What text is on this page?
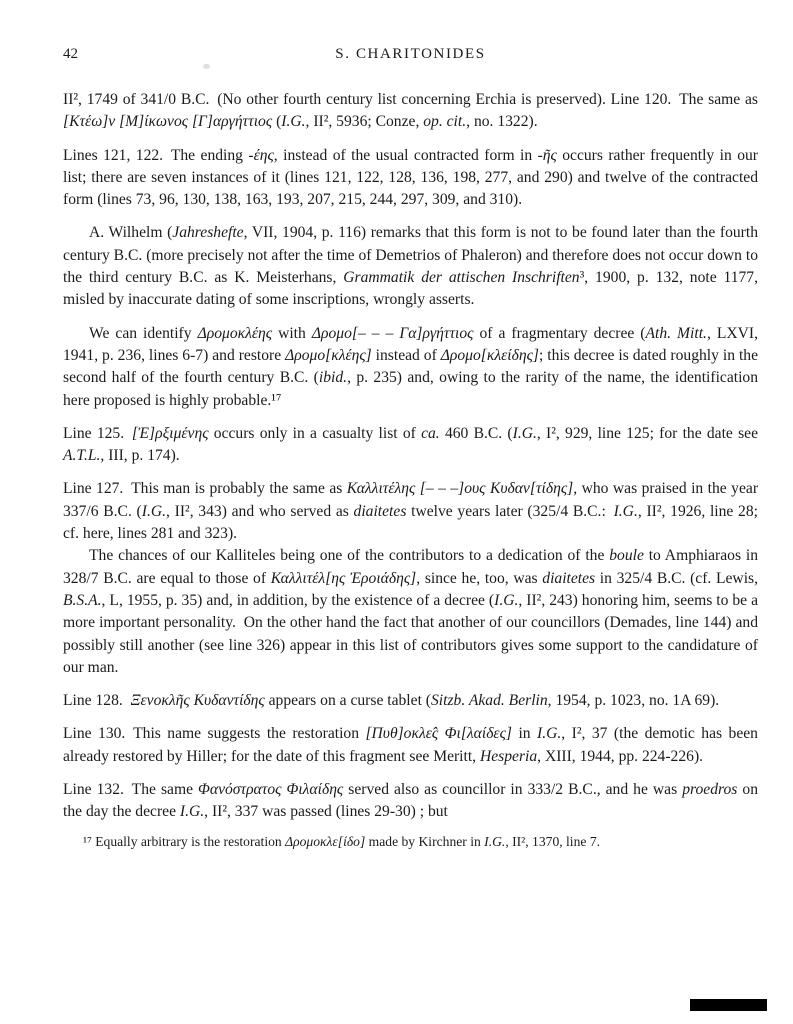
42	S. CHARITONIDES

II², 1749 of 341/0 B.C. (No other fourth century list concerning Erchia is preserved). Line 120. The same as [Κτέω]ν [Μ]ίκωνος [Γ]αργήττιος (I.G., II², 5936; Conze, op. cit., no. 1322).

Lines 121, 122. The ending -έης, instead of the usual contracted form in -ῆς occurs rather frequently in our list; there are seven instances of it (lines 121, 122, 128, 136, 198, 277, and 290) and twelve of the contracted form (lines 73, 96, 130, 138, 163, 193, 207, 215, 244, 297, 309, and 310).

A. Wilhelm (Jahreshefte, VII, 1904, p. 116) remarks that this form is not to be found later than the fourth century B.C. (more precisely not after the time of Demetrios of Phaleron) and therefore does not occur down to the third century B.C. as K. Meisterhans, Grammatik der attischen Inschriften³, 1900, p. 132, note 1177, misled by inaccurate dating of some inscriptions, wrongly asserts.

We can identify Δρομοκλέης with Δρομο[– – – Γα]ργήττιος of a fragmentary decree (Ath. Mitt., LXVI, 1941, p. 236, lines 6-7) and restore Δρομο[κλέης] instead of Δρομο[κλείδης]; this decree is dated roughly in the second half of the fourth century B.C. (ibid., p. 235) and, owing to the rarity of the name, the identification here proposed is highly probable.¹⁷

Line 125. [Ἐ]ρξιμένης occurs only in a casualty list of ca. 460 B.C. (I.G., I², 929, line 125; for the date see A.T.L., III, p. 174).

Line 127. This man is probably the same as Καλλιτέλης [– – –]ους Κυδαν[τίδης], who was praised in the year 337/6 B.C. (I.G., II², 343) and who served as diaitetes twelve years later (325/4 B.C.: I.G., II², 1926, line 28; cf. here, lines 281 and 323).

The chances of our Kalliteles being one of the contributors to a dedication of the boule to Amphiaraos in 328/7 B.C. are equal to those of Καλλιτέλ[ης Ἐροιάδης], since he, too, was diaitetes in 325/4 B.C. (cf. Lewis, B.S.A., L, 1955, p. 35) and, in addition, by the existence of a decree (I.G., II², 243) honoring him, seems to be a more important personality. On the other hand the fact that another of our councillors (Demades, line 144) and possibly still another (see line 326) appear in this list of contributors gives some support to the candidature of our man.

Line 128. Ξενοκλῆς Κυδαντίδης appears on a curse tablet (Sitzb. Akad. Berlin, 1954, p. 1023, no. 1A 69).

Line 130. This name suggests the restoration [Πυθ]οκλε̂ς Φι[λαίδες] in I.G., I², 37 (the demotic has been already restored by Hiller; for the date of this fragment see Meritt, Hesperia, XIII, 1944, pp. 224-226).

Line 132. The same Φανόστρατος Φιλαίδης served also as councillor in 333/2 B.C., and he was proedros on the day the decree I.G., II², 337 was passed (lines 29-30) ; but

¹⁷ Equally arbitrary is the restoration Δρομοκλε[ίδο] made by Kirchner in I.G., II², 1370, line 7.
